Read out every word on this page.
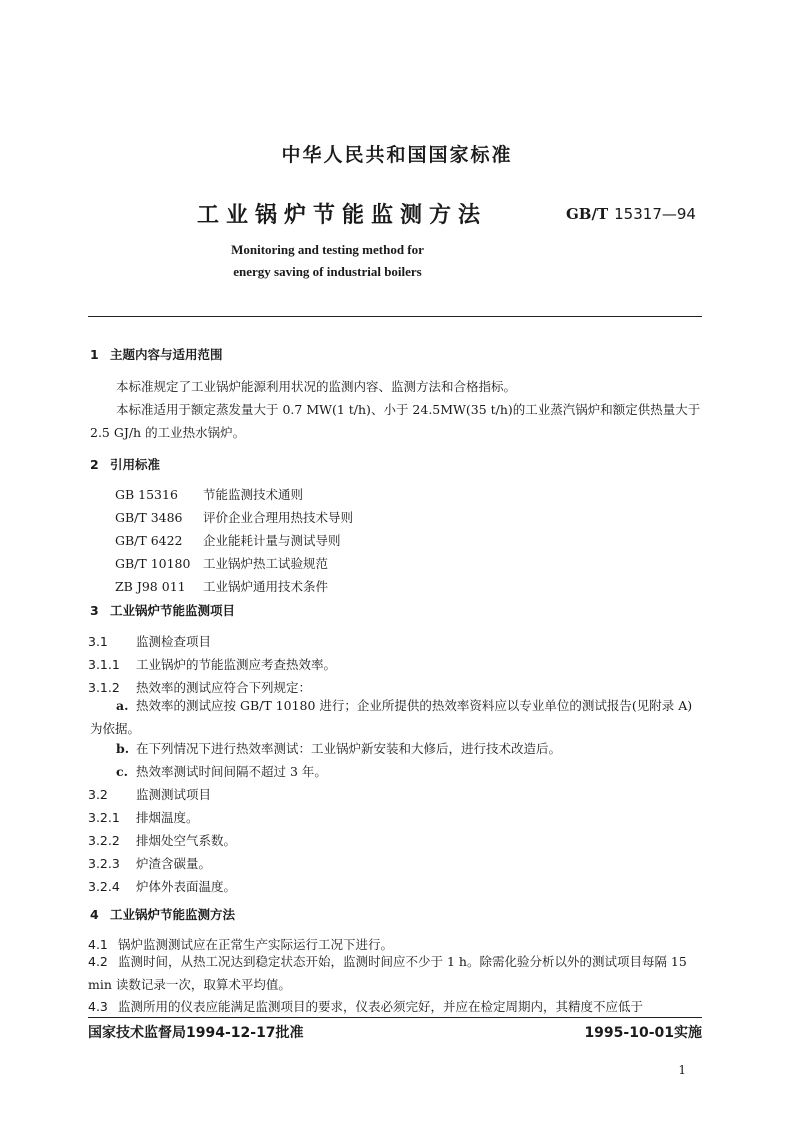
中华人民共和国国家标准
工业锅炉节能监测方法	GB/T 15317—94
Monitoring and testing method for
energy saving of industrial boilers
1 主题内容与适用范围
本标准规定了工业锅炉能源利用状况的监测内容、监测方法和合格指标。
本标准适用于额定蒸发量大于 0.7 MW(1 t/h)、小于 24.5MW(35 t/h)的工业蒸汽锅炉和额定供热量大于 2.5 GJ/h 的工业热水锅炉。
2 引用标准
GB 15316 节能监测技术通则
GB/T 3486 评价企业合理用热技术导则
GB/T 6422 企业能耗计量与测试导则
GB/T 10180 工业锅炉热工试验规范
ZB J98 011 工业锅炉通用技术条件
3 工业锅炉节能监测项目
3.1 监测检查项目
3.1.1 工业锅炉的节能监测应考查热效率。
3.1.2 热效率的测试应符合下列规定：
a. 热效率的测试应按 GB/T 10180 进行；企业所提供的热效率资料应以专业单位的测试报告(见附录 A)为依据。
b. 在下列情况下进行热效率测试：工业锅炉新安装和大修后，进行技术改造后。
c. 热效率测试时间间隔不超过 3 年。
3.2 监测测试项目
3.2.1 排烟温度。
3.2.2 排烟处空气系数。
3.2.3 炉渣含碳量。
3.2.4 炉体外表面温度。
4 工业锅炉节能监测方法
4.1 锅炉监测测试应在正常生产实际运行工况下进行。
4.2 监测时间，从热工况达到稳定状态开始，监测时间应不少于 1 h。除需化验分析以外的测试项目每隔 15 min 读数记录一次，取算术平均值。
4.3 监测所用的仪表应能满足监测项目的要求，仪表必须完好，并应在检定周期内，其精度不应低于
国家技术监督局1994-12-17批准	1995-10-01实施
1
